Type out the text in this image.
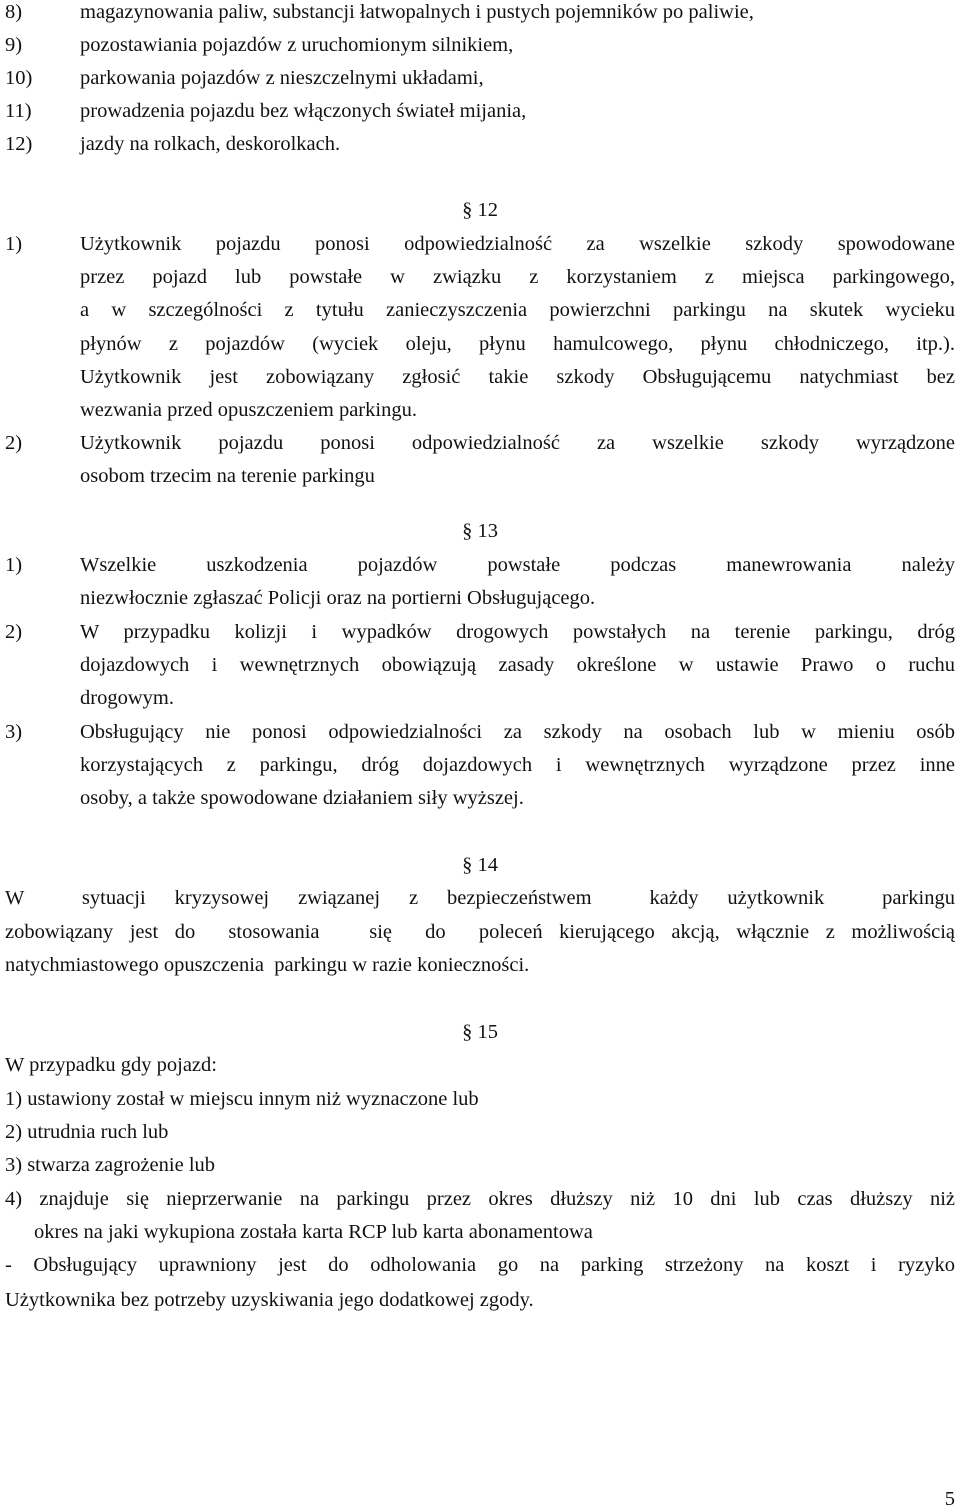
8)	magazynowania paliw, substancji łatwopalnych i pustych pojemników po paliwie,
9)	pozostawiania pojazdów z uruchomionym silnikiem,
10) parkowania pojazdów z nieszczelnymi układami,
11) prowadzenia pojazdu bez włączonych świateł mijania,
12) jazdy na rolkach, deskorolkach.
§ 12
1)	Użytkownik pojazdu ponosi odpowiedzialność za wszelkie szkody spowodowane
przez pojazd lub powstałe w związku z korzystaniem z miejsca parkingowego,
a w szczególności z tytułu zanieczyszczenia powierzchni parkingu na skutek wycieku
płynów z pojazdów (wyciek oleju, płynu hamulcowego, płynu chłodniczego, itp.).
Użytkownik jest zobowiązany zgłosić takie szkody Obsługującemu natychmiast bez
wezwania przed opuszczeniem parkingu.
2)	Użytkownik pojazdu ponosi odpowiedzialność za wszelkie szkody wyrządzone
osobom trzecim na terenie parkingu
§ 13
1)	Wszelkie uszkodzenia pojazdów powstałe podczas manewrowania należy
niezwłocznie zgłaszać Policji oraz na portierni Obsługującego.
2)	W przypadku kolizji i wypadków drogowych powstałych na terenie parkingu, dróg
dojazdowych i wewnętrznych obowiązują zasady określone w ustawie Prawo o ruchu
drogowym.
3)	Obsługujący nie ponosi odpowiedzialności za szkody na osobach lub w mieniu osób
korzystających z parkingu, dróg dojazdowych i wewnętrznych wyrządzone przez inne
osoby, a także spowodowane działaniem siły wyższej.
§ 14
W    sytuacji  kryzysowej  związanej  z  bezpieczeństwem    każdy  użytkownik    parkingu
zobowiązany jest do  stosowania   się  do  poleceń kierującego akcją, włącznie z możliwością
natychmiastowego opuszczenia  parkingu w razie konieczności.
§ 15
W przypadku gdy pojazd:
1) ustawiony został w miejscu innym niż wyznaczone lub
2) utrudnia ruch lub
3) stwarza zagrożenie lub
4) znajduje się nieprzerwanie na parkingu przez okres dłuższy niż 10 dni lub czas dłuższy niż
okres na jaki wykupiona została karta RCP lub karta abonamentowa
- Obsługujący uprawniony jest do odholowania go na parking strzeżony na koszt i ryzyko
Użytkownika bez potrzeby uzyskiwania jego dodatkowej zgody.
5
